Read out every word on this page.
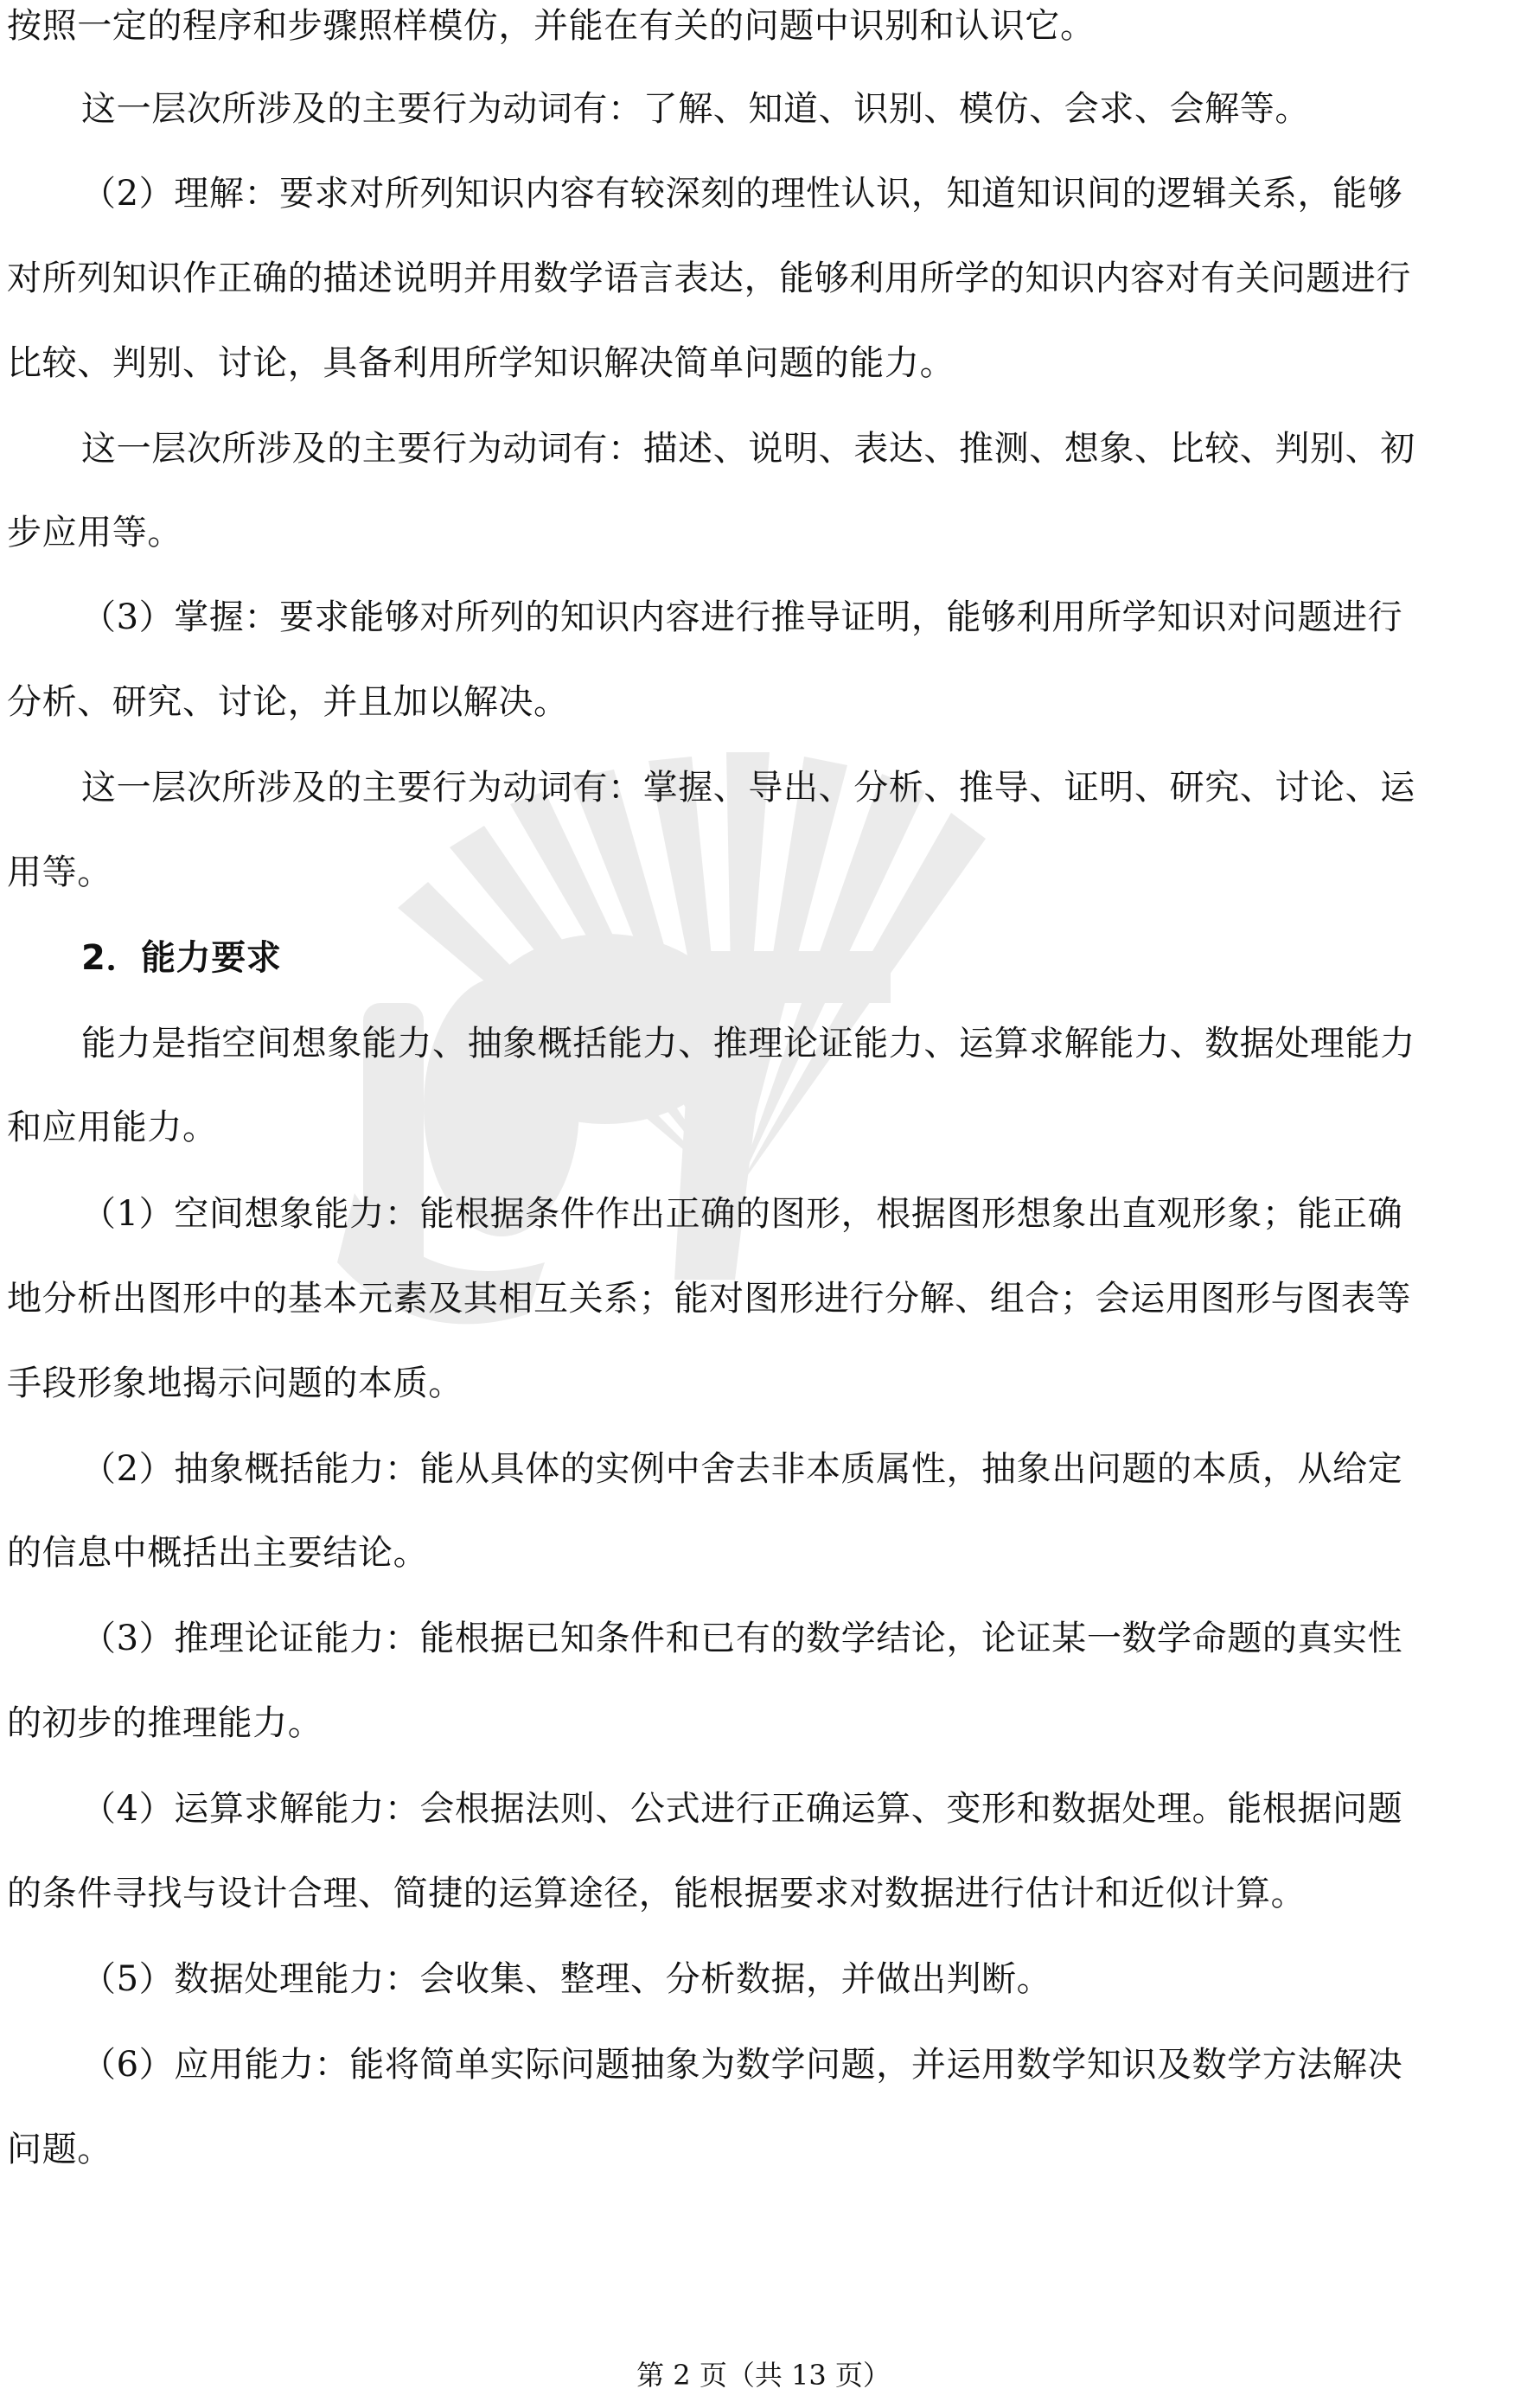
按照一定的程序和步骤照样模仿，并能在有关的问题中识别和认识它。
这一层次所涉及的主要行为动词有：了解、知道、识别、模仿、会求、会解等。
（2）理解：要求对所列知识内容有较深刻的理性认识，知道知识间的逻辑关系，能够
对所列知识作正确的描述说明并用数学语言表达，能够利用所学的知识内容对有关问题进行
比较、判别、讨论，具备利用所学知识解决简单问题的能力。
这一层次所涉及的主要行为动词有：描述、说明、表达、推测、想象、比较、判别、初
步应用等。
（3）掌握：要求能够对所列的知识内容进行推导证明，能够利用所学知识对问题进行
分析、研究、讨论，并且加以解决。
这一层次所涉及的主要行为动词有：掌握、导出、分析、推导、证明、研究、讨论、运
用等。
2．能力要求
能力是指空间想象能力、抽象概括能力、推理论证能力、运算求解能力、数据处理能力
和应用能力。
（1）空间想象能力：能根据条件作出正确的图形，根据图形想象出直观形象；能正确
地分析出图形中的基本元素及其相互关系；能对图形进行分解、组合；会运用图形与图表等
手段形象地揭示问题的本质。
（2）抽象概括能力：能从具体的实例中舍去非本质属性，抽象出问题的本质，从给定
的信息中概括出主要结论。
（3）推理论证能力：能根据已知条件和已有的数学结论，论证某一数学命题的真实性
的初步的推理能力。
（4）运算求解能力：会根据法则、公式进行正确运算、变形和数据处理。能根据问题
的条件寻找与设计合理、简捷的运算途径，能根据要求对数据进行估计和近似计算。
（5）数据处理能力：会收集、整理、分析数据，并做出判断。
（6）应用能力：能将简单实际问题抽象为数学问题，并运用数学知识及数学方法解决
问题。
第 2 页（共 13 页）
